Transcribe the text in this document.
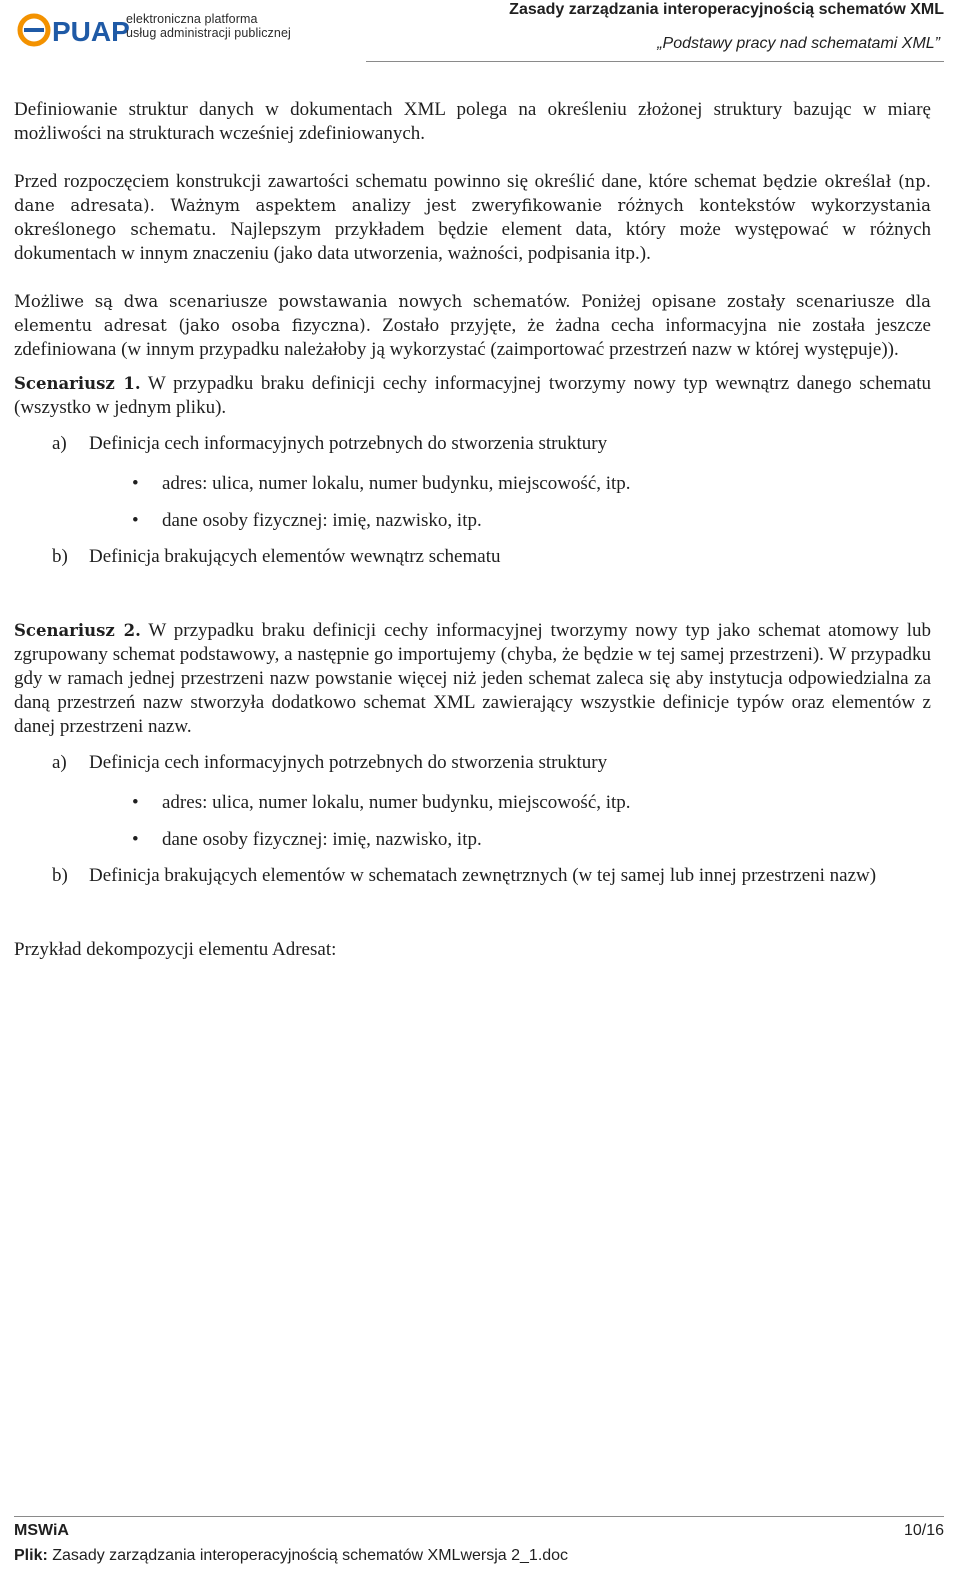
PUAP
elektroniczna platforma
usług administracji publicznej
Zasady zarządzania interoperacyjnością schematów XML
„Podstawy pracy nad schematami XML”

Definiowanie struktur danych w dokumentach XML polega na określeniu złożonej struktury bazując w miarę możliwości na strukturach wcześniej zdefiniowanych.

Przed rozpoczęciem konstrukcji zawartości schematu powinno się określić dane, które schemat będzie określał (np. dane adresata). Ważnym aspektem analizy jest zweryfikowanie różnych kontekstów wykorzystania określonego schematu. Najlepszym przykładem będzie element data, który może występować w różnych dokumentach w innym znaczeniu (jako data utworzenia, ważności, podpisania itp.).

Możliwe są dwa scenariusze powstawania nowych schematów. Poniżej opisane zostały scenariusze dla elementu adresat (jako osoba fizyczna). Zostało przyjęte, że żadna cecha informacyjna nie została jeszcze zdefiniowana (w innym przypadku należałoby ją wykorzystać (zaimportować przestrzeń nazw w której występuje)).

Scenariusz 1. W przypadku braku definicji cechy informacyjnej tworzymy nowy typ wewnątrz danego schematu (wszystko w jednym pliku).

a) Definicja cech informacyjnych potrzebnych do stworzenia struktury
• adres: ulica, numer lokalu, numer budynku, miejscowość, itp.
• dane osoby fizycznej: imię, nazwisko, itp.
b) Definicja brakujących elementów wewnątrz schematu

Scenariusz 2. W przypadku braku definicji cechy informacyjnej tworzymy nowy typ jako schemat atomowy lub zgrupowany schemat podstawowy, a następnie go importujemy (chyba, że będzie w tej samej przestrzeni). W przypadku gdy w ramach jednej przestrzeni nazw powstanie więcej niż jeden schemat zaleca się aby instytucja odpowiedzialna za daną przestrzeń nazw stworzyła dodatkowo schemat XML zawierający wszystkie definicje typów oraz elementów z danej przestrzeni nazw.

a) Definicja cech informacyjnych potrzebnych do stworzenia struktury
• adres: ulica, numer lokalu, numer budynku, miejscowość, itp.
• dane osoby fizycznej: imię, nazwisko, itp.
b) Definicja brakujących elementów w schematach zewnętrznych (w tej samej lub innej przestrzeni nazw)

Przykład dekompozycji elementu Adresat:

MSWiA	10/16
Plik: Zasady zarządzania interoperacyjnością schematów XMLwersja 2_1.doc
